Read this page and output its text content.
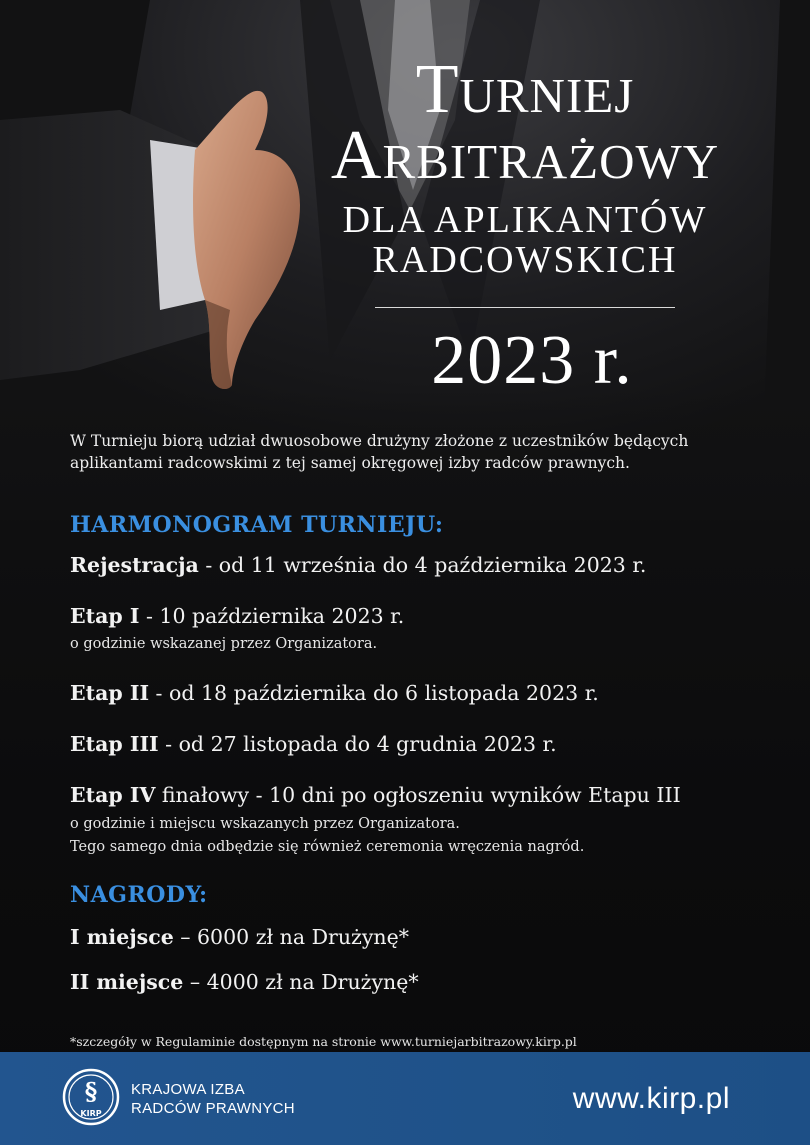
Turniej
Arbitrażowy
DLA APLIKANTÓW
RADCOWSKICH
2023 r.
W Turnieju biorą udział dwuosobowe drużyny złożone z uczestników będących
aplikantami radcowskimi z tej samej okręgowej izby radców prawnych.
HARMONOGRAM TURNIEJU:
Rejestracja - od 11 września do 4 października 2023 r.
Etap I - 10 października 2023 r.
o godzinie wskazanej przez Organizatora.
Etap II - od 18 października do 6 listopada 2023 r.
Etap III - od 27 listopada do 4 grudnia 2023 r.
Etap IV finałowy - 10 dni po ogłoszeniu wyników Etapu III
o godzinie i miejscu wskazanych przez Organizatora.
Tego samego dnia odbędzie się również ceremonia wręczenia nagród.
NAGRODY:
I miejsce – 6000 zł na Drużynę*
II miejsce – 4000 zł na Drużynę*
*szczegóły w Regulaminie dostępnym na stronie www.turniejarbitrazowy.kirp.pl
§
KIRP
KRAJOWA IZBA
RADCÓW PRAWNYCH	www.kirp.pl
